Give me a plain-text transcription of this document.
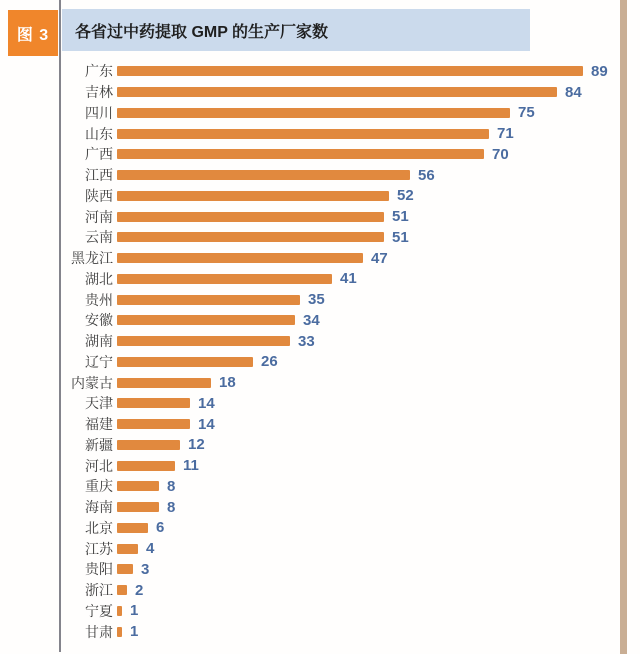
图 3	各省过中药提取 GMP 的生产厂家数
广东	89
吉林	84
四川	75
山东	71
广西	70
江西	56
陕西	52
河南	51
云南	51
黑龙江	47
湖北	41
贵州	35
安徽	34
湖南	33
辽宁	26
内蒙古	18
天津	14
福建	14
新疆	12
河北	11
重庆	8
海南	8
北京	6
江苏 4
贵阳 3
浙江 2
宁夏 1
甘肃 1
